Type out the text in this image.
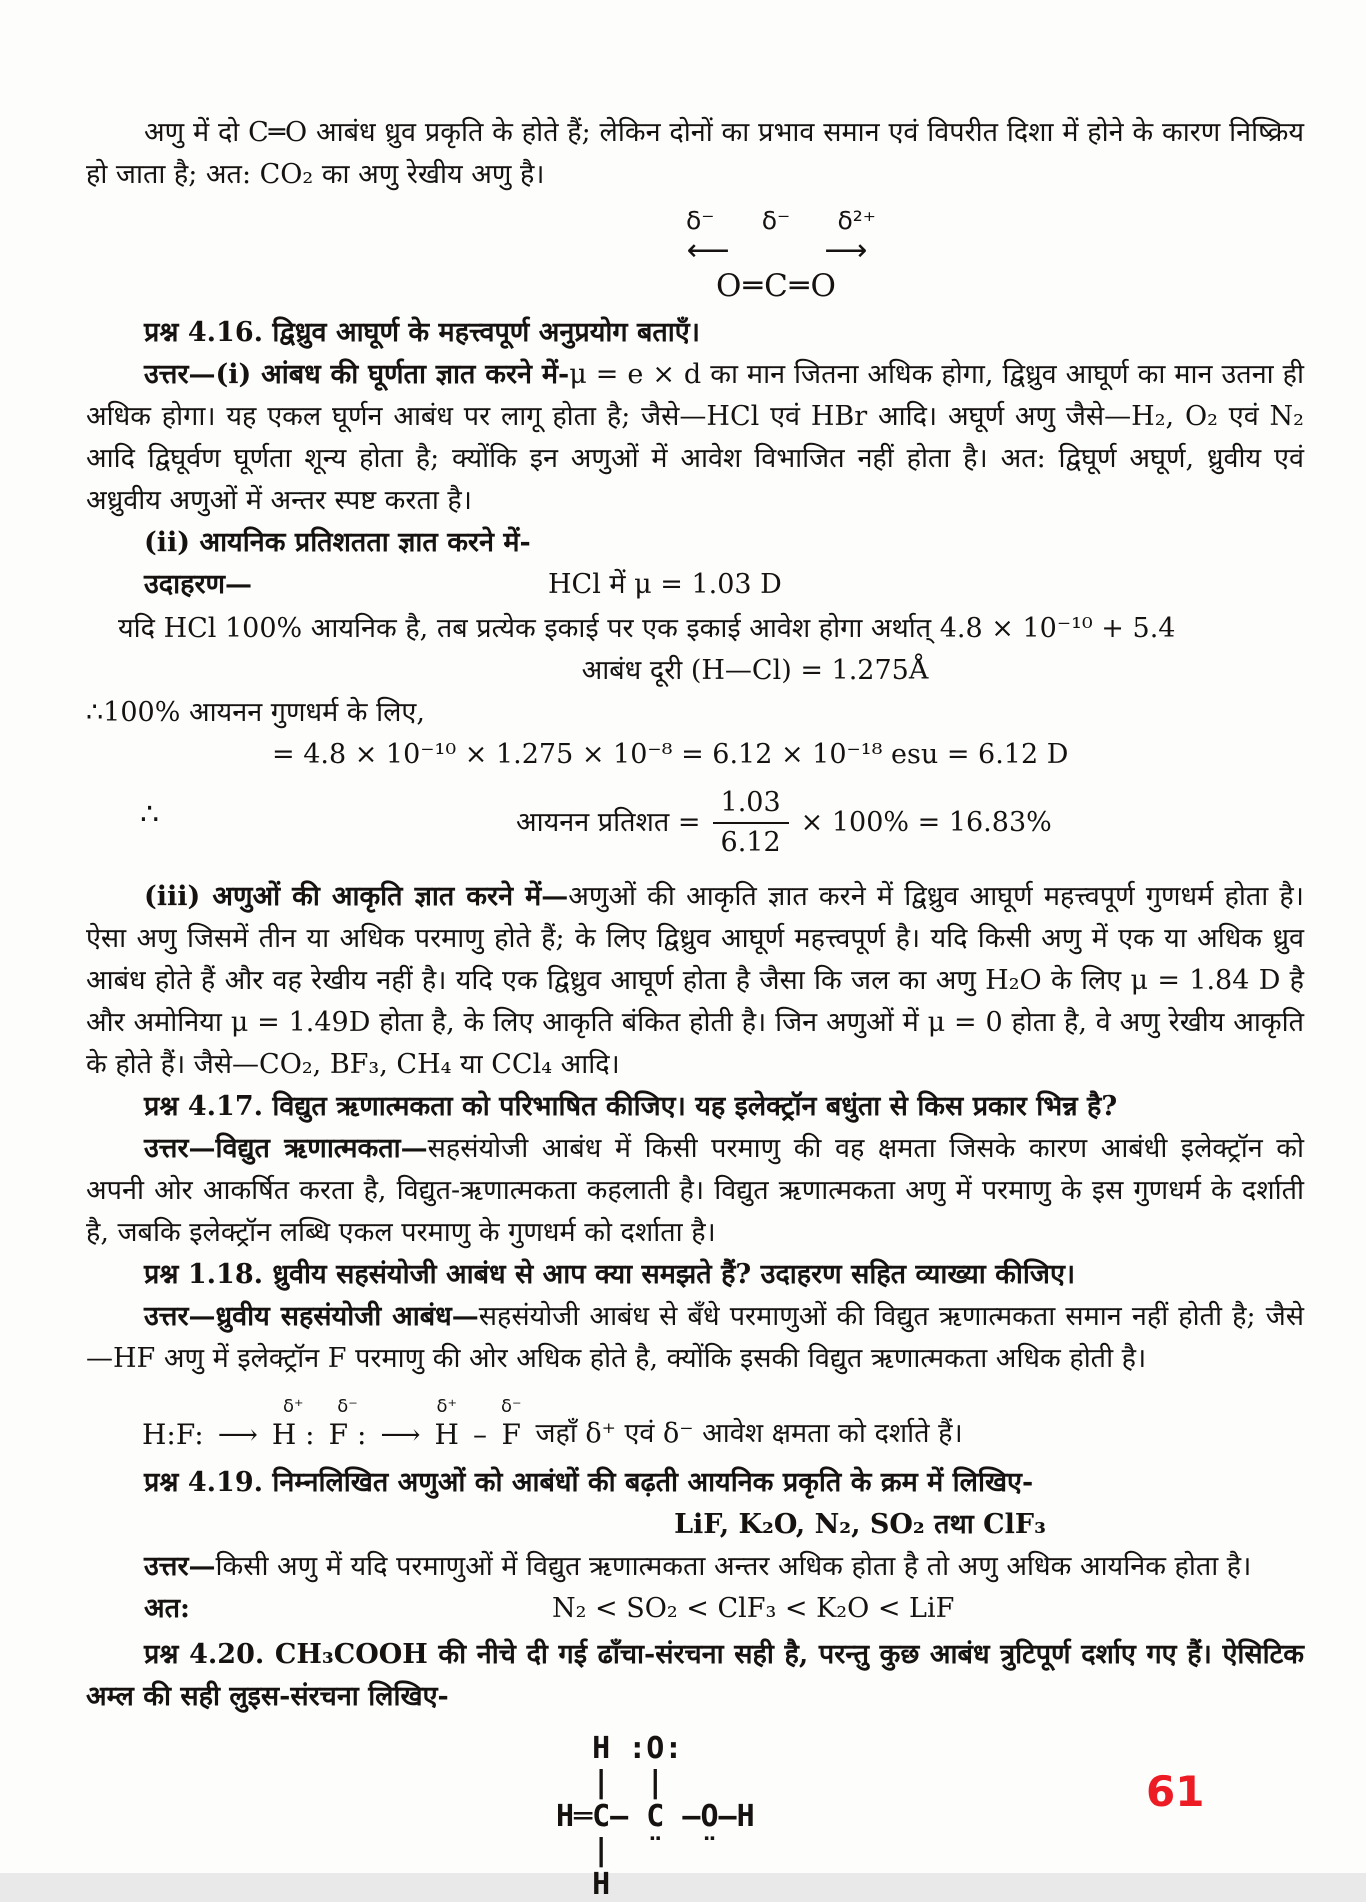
अणु में दो C═O आबंध ध्रुव प्रकृति के होते हैं; लेकिन दोनों का प्रभाव समान एवं विपरीत दिशा में होने के कारण निष्क्रिय हो जाता है; अत: CO₂ का अणु रेखीय अणु है।

δ⁻ δ⁻ δ²⁺
⟵	⟶
O═C═O

प्रश्न 4.16. द्विध्रुव आघूर्ण के महत्त्वपूर्ण अनुप्रयोग बताएँ।

उत्तर—(i) आंबध की घूर्णता ज्ञात करने में-μ = e × d का मान जितना अधिक होगा, द्विध्रुव आघूर्ण का मान उतना ही अधिक होगा। यह एकल घूर्णन आबंध पर लागू होता है; जैसे—HCl एवं HBr आदि। अघूर्ण अणु जैसे—H₂, O₂ एवं N₂ आदि द्विघूर्वण घूर्णता शून्य होता है; क्योंकि इन अणुओं में आवेश विभाजित नहीं होता है। अत: द्विघूर्ण अघूर्ण, ध्रुवीय एवं अध्रुवीय अणुओं में अन्तर स्पष्ट करता है।

(ii) आयनिक प्रतिशतता ज्ञात करने में-

उदाहरण—	HCl में μ = 1.03 D

यदि HCl 100% आयनिक है, तब प्रत्येक इकाई पर एक इकाई आवेश होगा अर्थात् 4.8 × 10⁻¹⁰ + 5.4

आबंध दूरी (H—Cl) = 1.275Å

∴100% आयनन गुणधर्म के लिए,

= 4.8 × 10⁻¹⁰ × 1.275 × 10⁻⁸ = 6.12 × 10⁻¹⁸ esu = 6.12 D

∴	आयनन प्रतिशत = $\frac{1.03}{6.12} \times 100\% = 16.83\%$

(iii) अणुओं की आकृति ज्ञात करने में—अणुओं की आकृति ज्ञात करने में द्विध्रुव आघूर्ण महत्त्वपूर्ण गुणधर्म होता है। ऐसा अणु जिसमें तीन या अधिक परमाणु होते हैं; के लिए द्विध्रुव आघूर्ण महत्त्वपूर्ण है। यदि किसी अणु में एक या अधिक ध्रुव आबंध होते हैं और वह रेखीय नहीं है। यदि एक द्विध्रुव आघूर्ण होता है जैसा कि जल का अणु H₂O के लिए μ = 1.84 D है और अमोनिया μ = 1.49D होता है, के लिए आकृति बंकित होती है। जिन अणुओं में μ = 0 होता है, वे अणु रेखीय आकृति के होते हैं। जैसे—CO₂, BF₃, CH₄ या CCl₄ आदि।

प्रश्न 4.17. विद्युत ऋणात्मकता को परिभाषित कीजिए। यह इलेक्ट्रॉन बधुंता से किस प्रकार भिन्न है?

उत्तर—विद्युत ऋणात्मकता—सहसंयोजी आबंध में किसी परमाणु की वह क्षमता जिसके कारण आबंधी इलेक्ट्रॉन को अपनी ओर आकर्षित करता है, विद्युत-ऋणात्मकता कहलाती है। विद्युत ऋणात्मकता अणु में परमाणु के इस गुणधर्म के दर्शाती है, जबकि इलेक्ट्रॉन लब्धि एकल परमाणु के गुणधर्म को दर्शाता है।

प्रश्न 1.18. ध्रुवीय सहसंयोजी आबंध से आप क्या समझते हैं? उदाहरण सहित व्याख्या कीजिए।

उत्तर—ध्रुवीय सहसंयोजी आबंध—सहसंयोजी आबंध से बँधे परमाणुओं की विद्युत ऋणात्मकता समान नहीं होती है; जैसे—HF अणु में इलेक्ट्रॉन F परमाणु की ओर अधिक होते है, क्योंकि इसकी विद्युत ऋणात्मकता अधिक होती है।

H:F: ⟶
δ⁺
H :
δ⁻
F : ⟶
δ⁺
H –
δ⁻
F जहाँ δ⁺ एवं δ⁻ आवेश क्षमता को दर्शाते हैं।

प्रश्न 4.19. निम्नलिखित अणुओं को आबंधों की बढ़ती आयनिक प्रकृति के क्रम में लिखिए-

LiF, K₂O, N₂, SO₂ तथा ClF₃

उत्तर—किसी अणु में यदि परमाणुओं में विद्युत ऋणात्मकता अन्तर अधिक होता है तो अणु अधिक आयनिक होता है।

अत:	N₂ < SO₂ < ClF₃ < K₂O < LiF

प्रश्न 4.20. CH₃COOH की नीचे दी गई ढाँचा-संरचना सही है, परन्तु कुछ आबंध त्रुटिपूर्ण दर्शाए गए हैं। ऐसिटिक अम्ल की सही लुइस-संरचना लिखिए-

H :O:
|  |
H═C— C —O—H
|  ¨  ¨
H
61
